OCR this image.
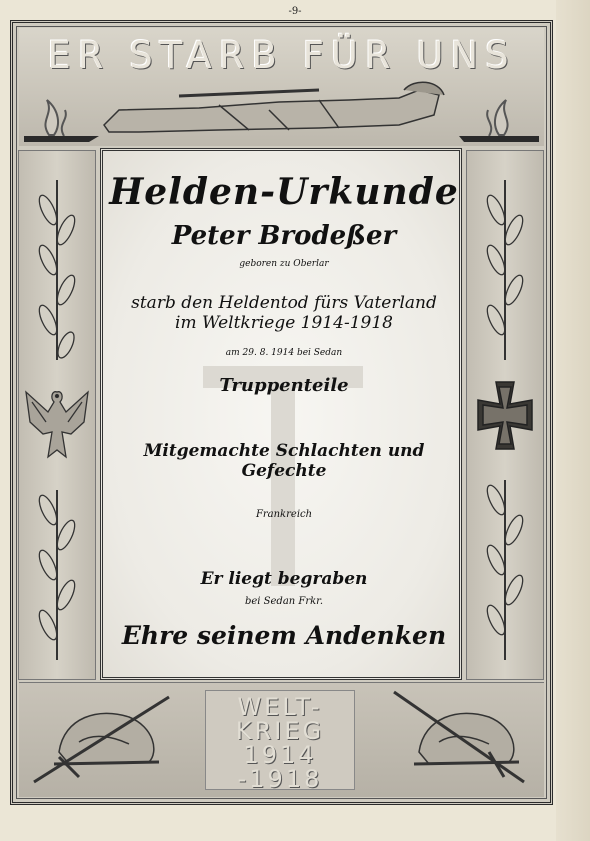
-9-
ER STARB FÜR UNS
WELT-
KRIEG
1914 -1918
Helden-Urkunde
Peter Brodeßer
geboren zu Oberlar
starb den Heldentod fürs Vaterland
im Weltkriege 1914-1918
am 29. 8. 1914 bei Sedan
Truppenteile
Mitgemachte Schlachten und Gefechte
Frankreich
Er liegt begraben
bei Sedan Frkr.
Ehre seinem Andenken
